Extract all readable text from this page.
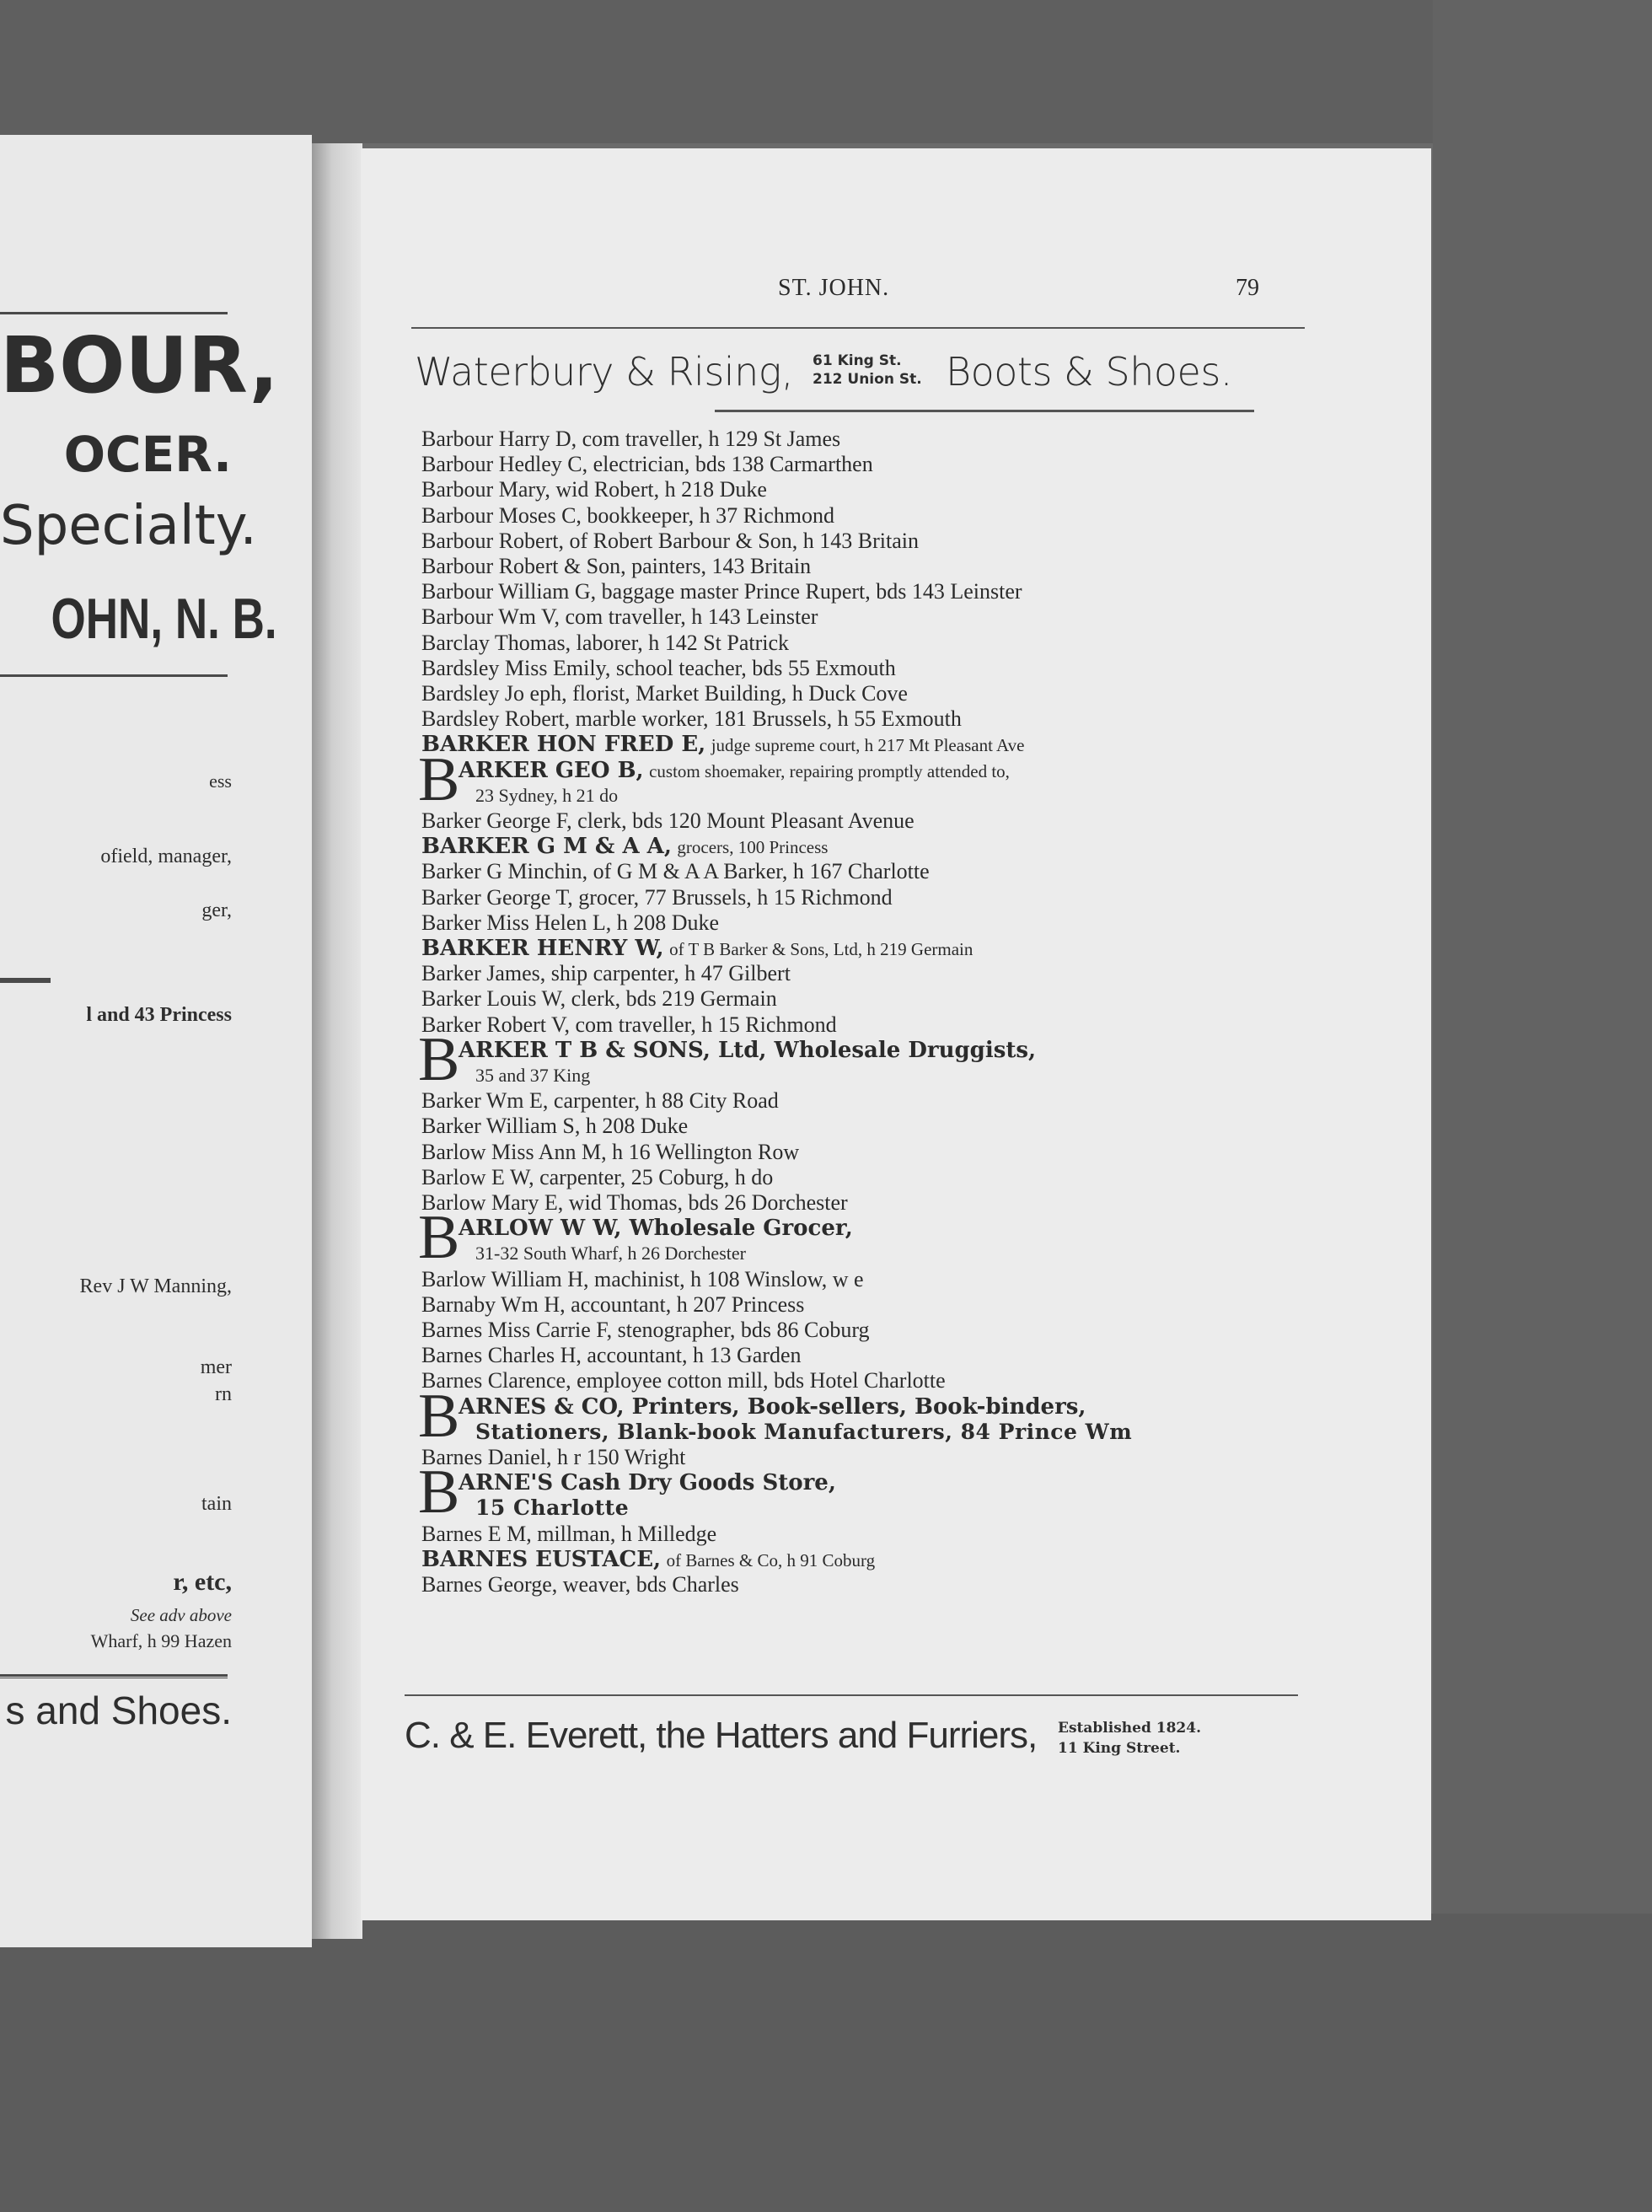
BOUR,
OCER.
Specialty.
OHN, N. B.
ess
ofield, manager,
ger,
l and 43 Princess
Rev J W Manning,
mer
rn
tain
r, etc,
See adv above
Wharf, h 99 Hazen
s and Shoes.
ST. JOHN.	79
Waterbury & Rising, 61 King St.
212 Union St. Boots & Shoes.
Barbour Harry D, com traveller, h 129 St James
Barbour Hedley C, electrician, bds 138 Carmarthen
Barbour Mary, wid Robert, h 218 Duke
Barbour Moses C, bookkeeper, h 37 Richmond
Barbour Robert, of Robert Barbour & Son, h 143 Britain
Barbour Robert & Son, painters, 143 Britain
Barbour William G, baggage master Prince Rupert, bds 143 Leinster
Barbour Wm V, com traveller, h 143 Leinster
Barclay Thomas, laborer, h 142 St Patrick
Bardsley Miss Emily, school teacher, bds 55 Exmouth
Bardsley Jo eph, florist, Market Building, h Duck Cove
Bardsley Robert, marble worker, 181 Brussels, h 55 Exmouth
BARKER HON FRED E, judge supreme court, h 217 Mt Pleasant Ave
B
ARKER GEO B, custom shoemaker, repairing promptly attended to,
23 Sydney, h 21 do
Barker George F, clerk, bds 120 Mount Pleasant Avenue
BARKER G M & A A, grocers, 100 Princess
Barker G Minchin, of G M & A A Barker, h 167 Charlotte
Barker George T, grocer, 77 Brussels, h 15 Richmond
Barker Miss Helen L, h 208 Duke
BARKER HENRY W, of T B Barker & Sons, Ltd, h 219 Germain
Barker James, ship carpenter, h 47 Gilbert
Barker Louis W, clerk, bds 219 Germain
Barker Robert V, com traveller, h 15 Richmond
B
ARKER T B & SONS, Ltd, Wholesale Druggists,
35 and 37 King
Barker Wm E, carpenter, h 88 City Road
Barker William S, h 208 Duke
Barlow Miss Ann M, h 16 Wellington Row
Barlow E W, carpenter, 25 Coburg, h do
Barlow Mary E, wid Thomas, bds 26 Dorchester
B
ARLOW W W, Wholesale Grocer,
31-32 South Wharf, h 26 Dorchester
Barlow William H, machinist, h 108 Winslow, w e
Barnaby Wm H, accountant, h 207 Princess
Barnes Miss Carrie F, stenographer, bds 86 Coburg
Barnes Charles H, accountant, h 13 Garden
Barnes Clarence, employee cotton mill, bds Hotel Charlotte
B
ARNES & CO, Printers, Book-sellers, Book-binders,
Stationers, Blank-book Manufacturers, 84 Prince Wm
Barnes Daniel, h r 150 Wright
B
ARNE'S Cash Dry Goods Store,
15 Charlotte
Barnes E M, millman, h Milledge
BARNES EUSTACE, of Barnes & Co, h 91 Coburg
Barnes George, weaver, bds Charles
C. & E. Everett, the Hatters and Furriers, Established 1824.
11 King Street.
